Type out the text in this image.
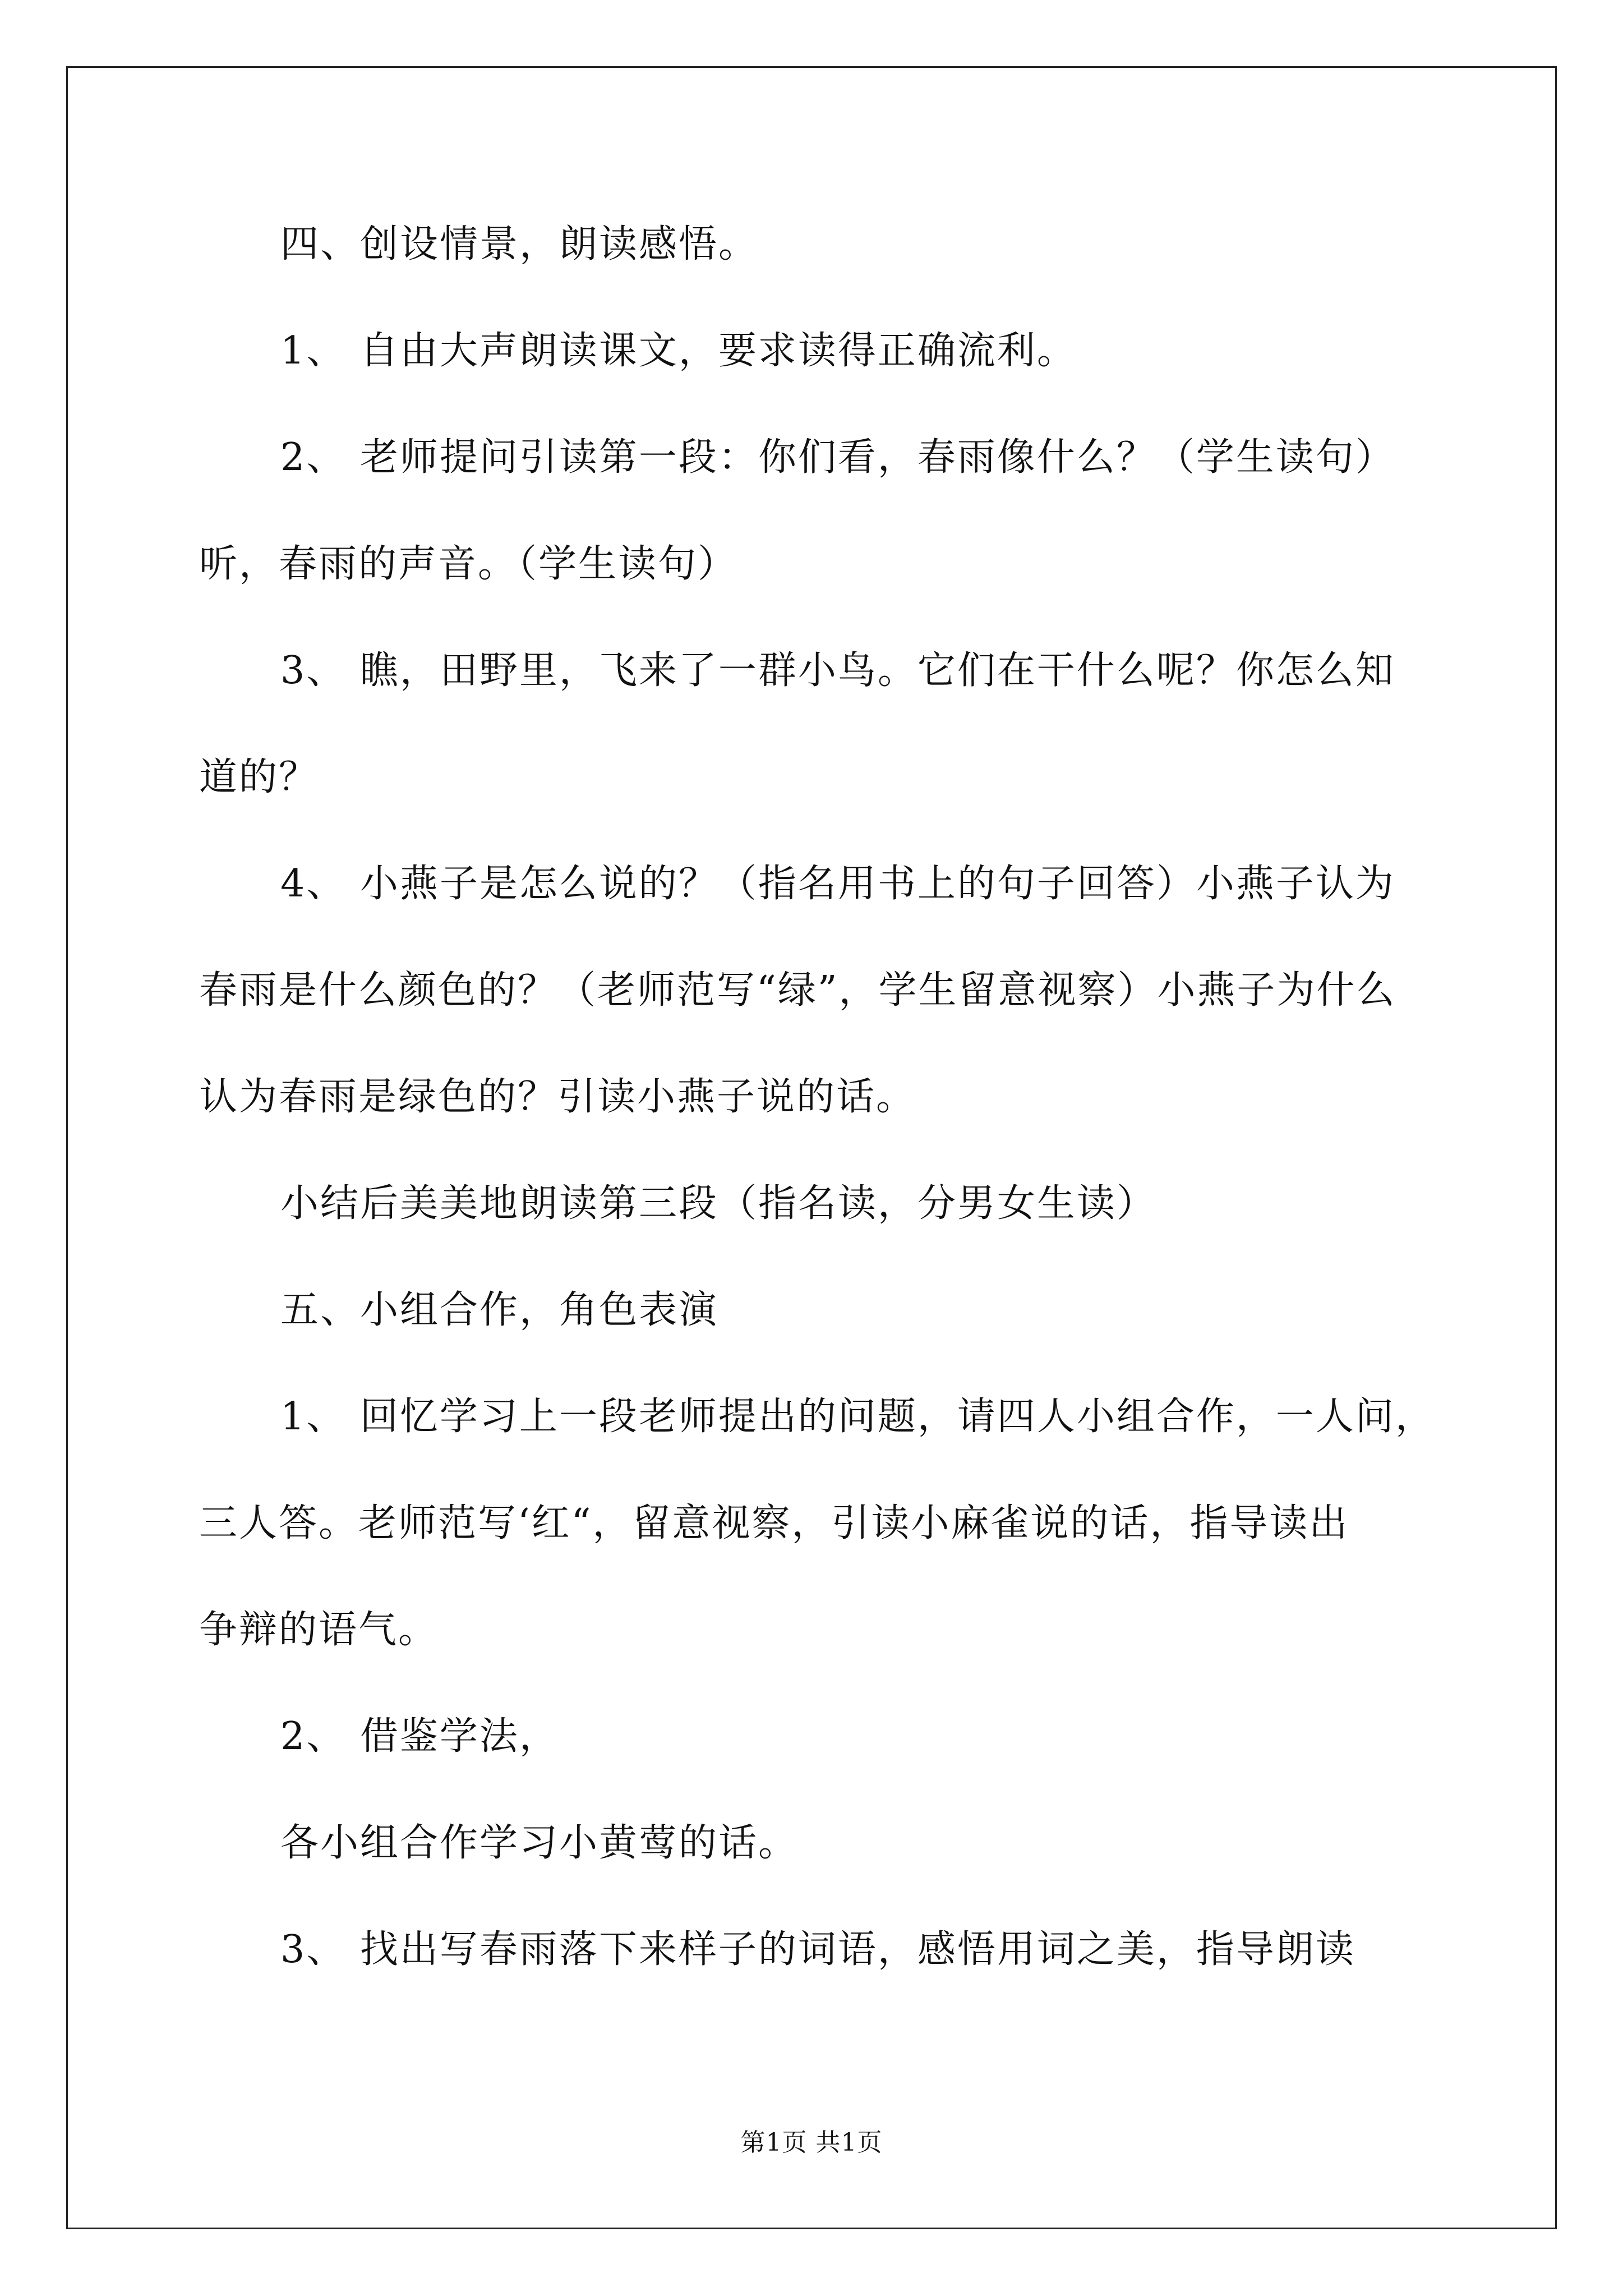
四、创设情景，朗读感悟。
1、 自由大声朗读课文，要求读得正确流利。
2、 老师提问引读第一段：你们看，春雨像什么？（学生读句）
听，春雨的声音。（学生读句）
3、 瞧，田野里，飞来了一群小鸟。它们在干什么呢？你怎么知
道的？
4、 小燕子是怎么说的？（指名用书上的句子回答）小燕子认为
春雨是什么颜色的？（老师范写“绿”，学生留意视察）小燕子为什么
认为春雨是绿色的？引读小燕子说的话。
小结后美美地朗读第三段（指名读，分男女生读）
五、小组合作，角色表演
1、 回忆学习上一段老师提出的问题，请四人小组合作，一人问，
三人答。老师范写‘红“，留意视察，引读小麻雀说的话，指导读出
争辩的语气。
2、 借鉴学法，
各小组合作学习小黄莺的话。
3、 找出写春雨落下来样子的词语，感悟用词之美，指导朗读
第1页 共1页
